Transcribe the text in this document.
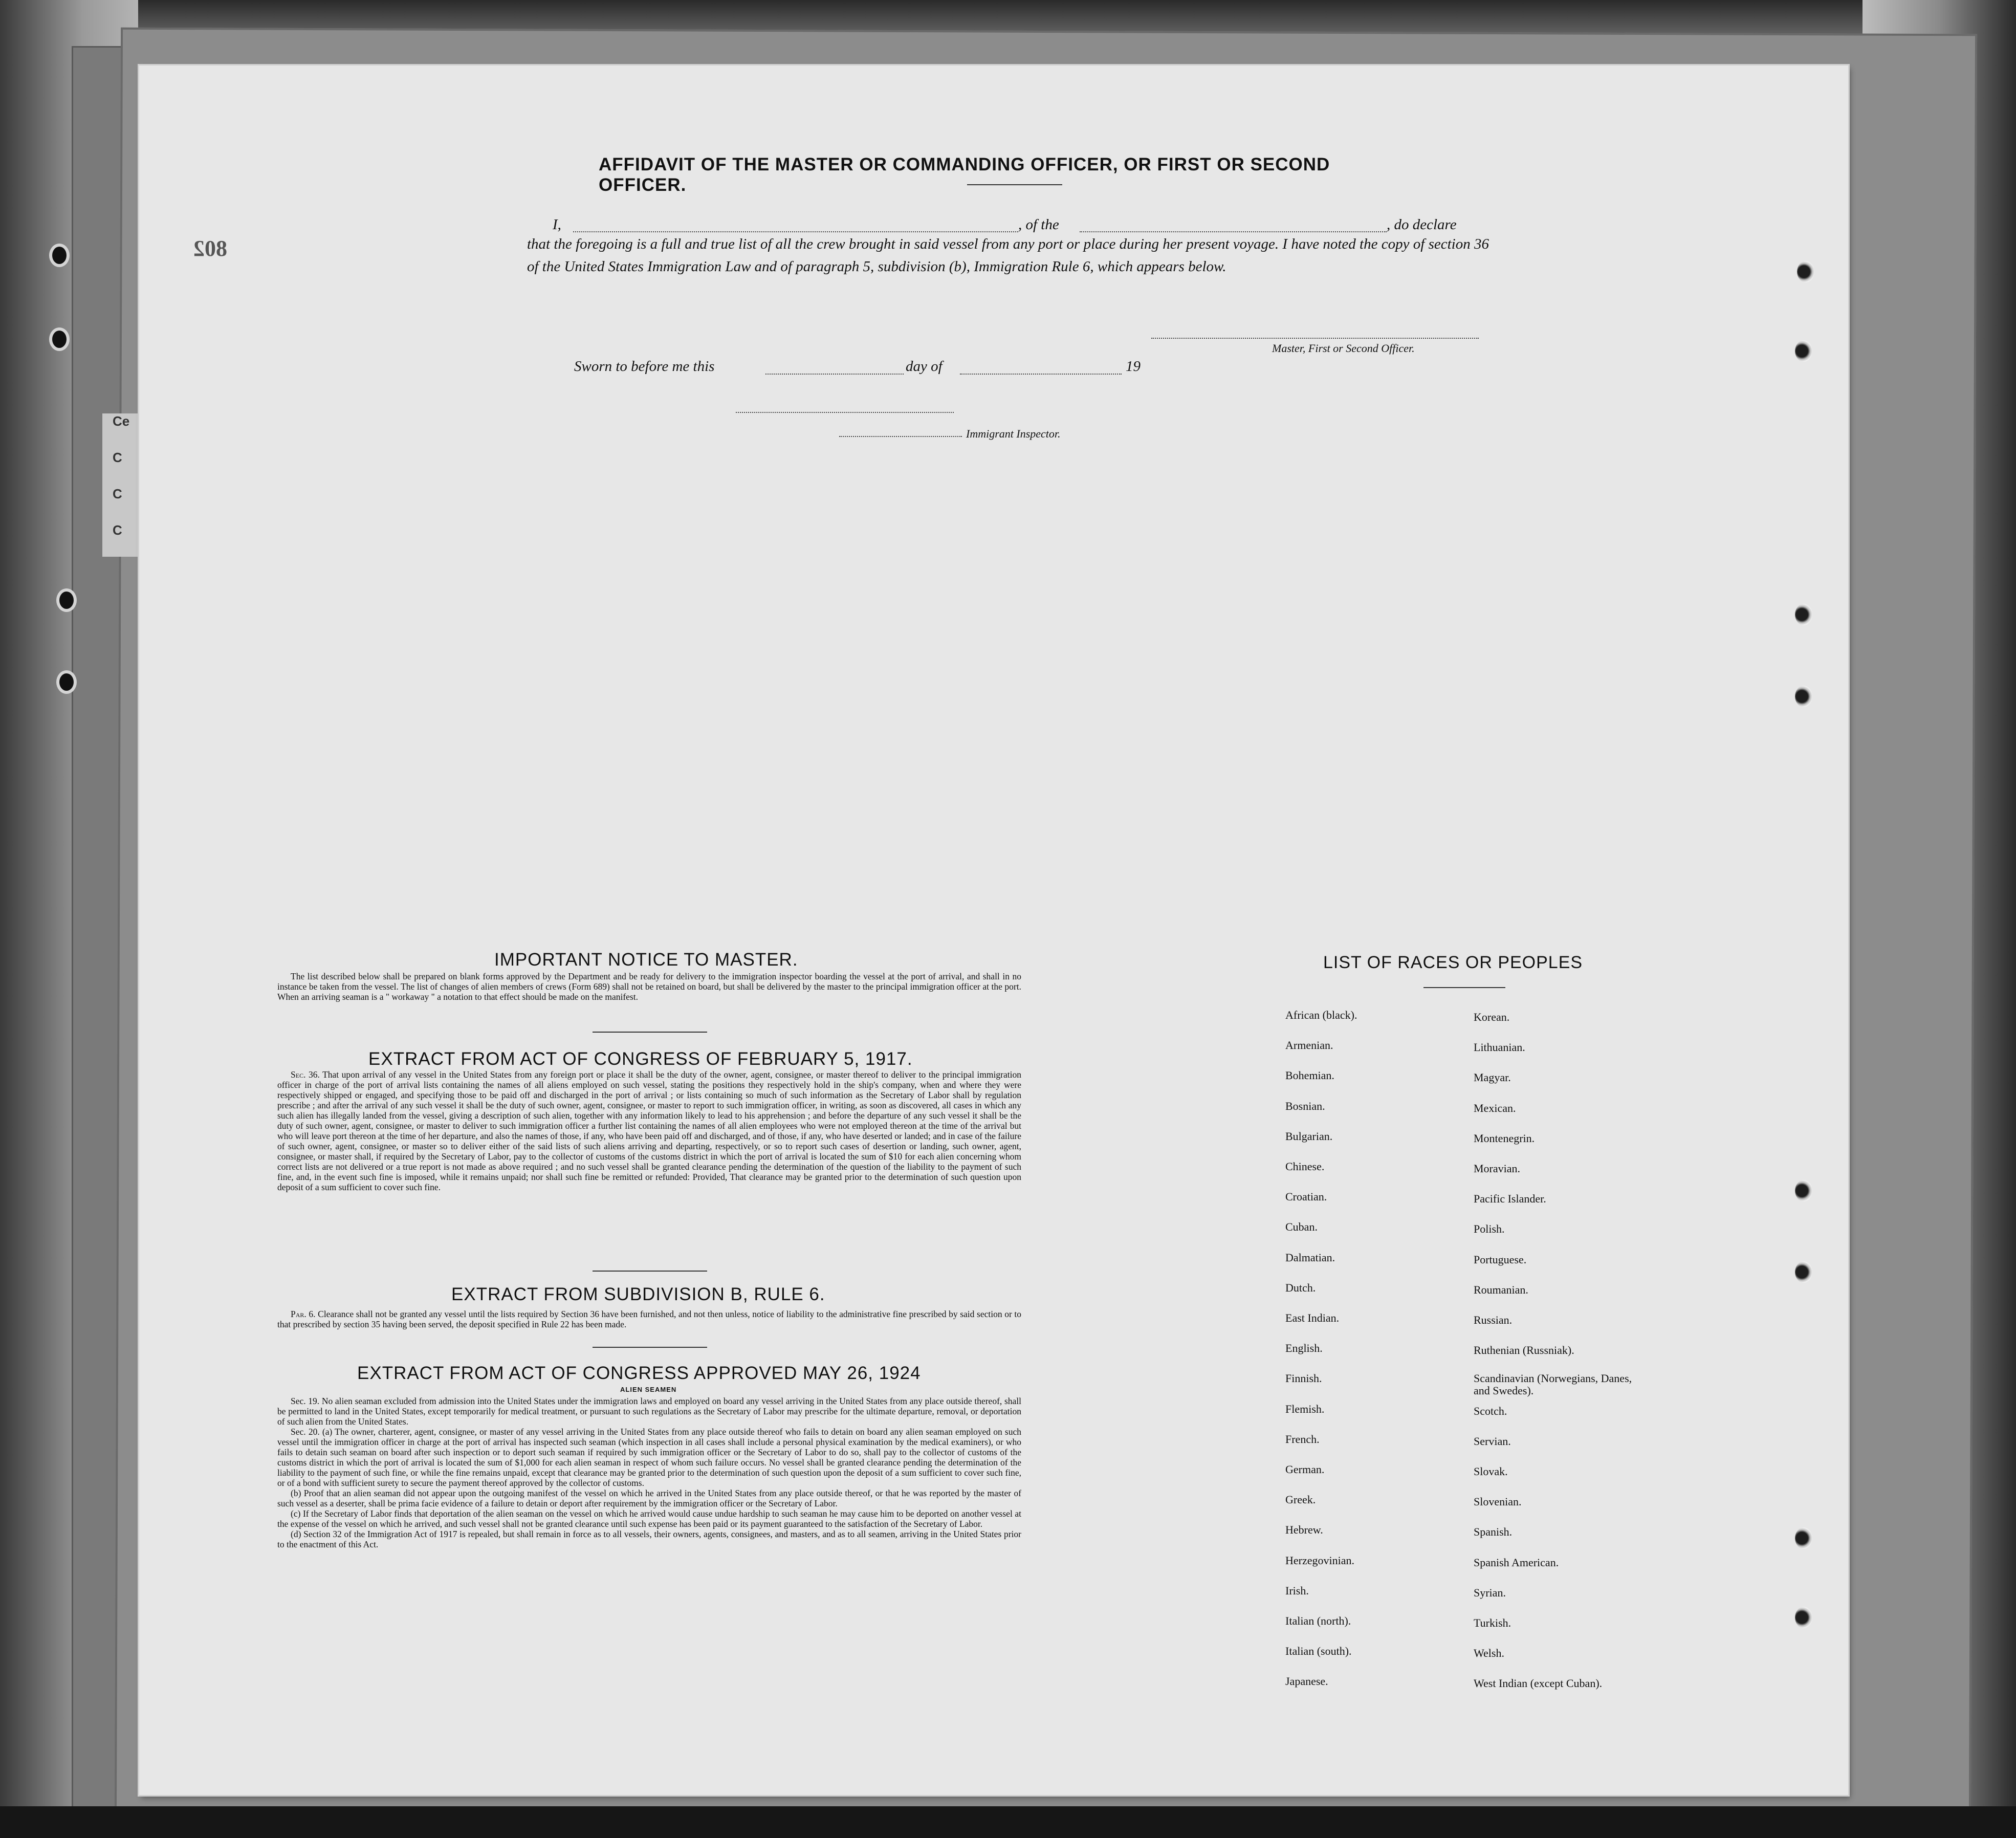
Ce
C
C
C
802
AFFIDAVIT OF THE MASTER OR COMMANDING OFFICER, OR FIRST OR SECOND OFFICER.
I,	, of the	, do declare
that the foregoing is a full and true list of all the crew brought in said vessel from any port or place during her present voyage. I have noted the copy of section 36 of the United States Immigration Law and of paragraph 5, subdivision (b), Immigration Rule 6, which appears below.
Master, First or Second Officer.
Sworn to before me this	day of	19
Immigrant Inspector.
IMPORTANT NOTICE TO MASTER.

The list described below shall be prepared on blank forms approved by the Department and be ready for delivery to the immigration inspector boarding the vessel at the port of arrival, and shall in no instance be taken from the vessel. The list of changes of alien members of crews (Form 689) shall not be retained on board, but shall be delivered by the master to the principal immigration officer at the port. When an arriving seaman is a " workaway " a notation to that effect should be made on the manifest.

EXTRACT FROM ACT OF CONGRESS OF FEBRUARY 5, 1917.

Sec. 36. That upon arrival of any vessel in the United States from any foreign port or place it shall be the duty of the owner, agent, consignee, or master thereof to deliver to the principal immigration officer in charge of the port of arrival lists containing the names of all aliens employed on such vessel, stating the positions they respectively hold in the ship's company, when and where they were respectively shipped or engaged, and specifying those to be paid off and discharged in the port of arrival ; or lists containing so much of such information as the Secretary of Labor shall by regulation prescribe ; and after the arrival of any such vessel it shall be the duty of such owner, agent, consignee, or master to report to such immigration officer, in writing, as soon as discovered, all cases in which any such alien has illegally landed from the vessel, giving a description of such alien, together with any information likely to lead to his apprehension ; and before the departure of any such vessel it shall be the duty of such owner, agent, consignee, or master to deliver to such immigration officer a further list containing the names of all alien employees who were not employed thereon at the time of the arrival but who will leave port thereon at the time of her departure, and also the names of those, if any, who have been paid off and discharged, and of those, if any, who have deserted or landed; and in case of the failure of such owner, agent, consignee, or master so to deliver either of the said lists of such aliens arriving and departing, respectively, or so to report such cases of desertion or landing, such owner, agent, consignee, or master shall, if required by the Secretary of Labor, pay to the collector of customs of the customs district in which the port of arrival is located the sum of $10 for each alien concerning whom correct lists are not delivered or a true report is not made as above required ; and no such vessel shall be granted clearance pending the determination of the question of the liability to the payment of such fine, and, in the event such fine is imposed, while it remains unpaid; nor shall such fine be remitted or refunded: Provided, That clearance may be granted prior to the determination of such question upon deposit of a sum sufficient to cover such fine.

EXTRACT FROM SUBDIVISION B, RULE 6.

Par. 6. Clearance shall not be granted any vessel until the lists required by Section 36 have been furnished, and not then unless, notice of liability to the administrative fine prescribed by said section or to that prescribed by section 35 having been served, the deposit specified in Rule 22 has been made.

EXTRACT FROM ACT OF CONGRESS APPROVED MAY 26, 1924
ALIEN SEAMEN

Sec. 19. No alien seaman excluded from admission into the United States under the immigration laws and employed on board any vessel arriving in the United States from any place outside thereof, shall be permitted to land in the United States, except temporarily for medical treatment, or pursuant to such regulations as the Secretary of Labor may prescribe for the ultimate departure, removal, or deportation of such alien from the United States.

Sec. 20. (a) The owner, charterer, agent, consignee, or master of any vessel arriving in the United States from any place outside thereof who fails to detain on board any alien seaman employed on such vessel until the immigration officer in charge at the port of arrival has inspected such seaman (which inspection in all cases shall include a personal physical examination by the medical examiners), or who fails to detain such seaman on board after such inspection or to deport such seaman if required by such immigration officer or the Secretary of Labor to do so, shall pay to the collector of customs of the customs district in which the port of arrival is located the sum of $1,000 for each alien seaman in respect of whom such failure occurs. No vessel shall be granted clearance pending the determination of the liability to the payment of such fine, or while the fine remains unpaid, except that clearance may be granted prior to the determination of such question upon the deposit of a sum sufficient to cover such fine, or of a bond with sufficient surety to secure the payment thereof approved by the collector of customs.

(b) Proof that an alien seaman did not appear upon the outgoing manifest of the vessel on which he arrived in the United States from any place outside thereof, or that he was reported by the master of such vessel as a deserter, shall be prima facie evidence of a failure to detain or deport after requirement by the immigration officer or the Secretary of Labor.

(c) If the Secretary of Labor finds that deportation of the alien seaman on the vessel on which he arrived would cause undue hardship to such seaman he may cause him to be deported on another vessel at the expense of the vessel on which he arrived, and such vessel shall not be granted clearance until such expense has been paid or its payment guaranteed to the satisfaction of the Secretary of Labor.

(d) Section 32 of the Immigration Act of 1917 is repealed, but shall remain in force as to all vessels, their owners, agents, consignees, and masters, and as to all seamen, arriving in the United States prior to the enactment of this Act.

LIST OF RACES OR PEOPLES
African (black).
Armenian.
Bohemian.
Bosnian.
Bulgarian.
Chinese.
Croatian.
Cuban.
Dalmatian.
Dutch.
East Indian.
English.
Finnish.
Flemish.
French.
German.
Greek.
Hebrew.
Herzegovinian.
Irish.
Italian (north).
Italian (south).
Japanese.
Korean.
Lithuanian.
Magyar.
Mexican.
Montenegrin.
Moravian.
Pacific Islander.
Polish.
Portuguese.
Roumanian.
Russian.
Ruthenian (Russniak).
Scandinavian (Norwegians, Danes, and Swedes).
Scotch.
Servian.
Slovak.
Slovenian.
Spanish.
Spanish American.
Syrian.
Turkish.
Welsh.
West Indian (except Cuban).
